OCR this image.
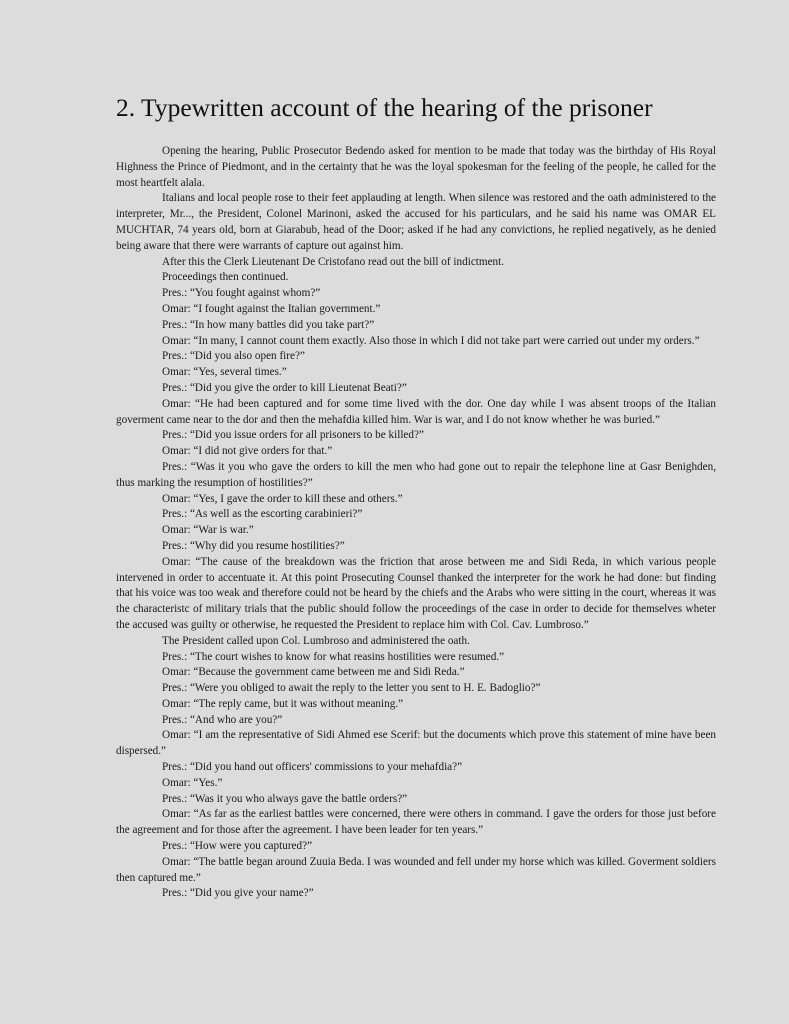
2. Typewritten account of the hearing of the prisoner

Opening the hearing, Public Prosecutor Bedendo asked for mention to be made that today was the birthday of His Royal Highness the Prince of Piedmont, and in the certainty that he was the loyal spokesman for the feeling of the people, he called for the most heartfelt alala.

Italians and local people rose to their feet applauding at length. When silence was restored and the oath administered to the interpreter, Mr..., the President, Colonel Marinoni, asked the accused for his particulars, and he said his name was OMAR EL MUCHTAR, 74 years old, born at Giarabub, head of the Door; asked if he had any convictions, he replied negatively, as he denied being aware that there were warrants of capture out against him.

After this the Clerk Lieutenant De Cristofano read out the bill of indictment.

Proceedings then continued.

Pres.: “You fought against whom?”

Omar: “I fought against the Italian government.”

Pres.: “In how many battles did you take part?”

Omar: “In many, I cannot count them exactly. Also those in which I did not take part were carried out under my orders.”

Pres.: “Did you also open fire?”

Omar: “Yes, several times.”

Pres.: “Did you give the order to kill Lieutenat Beati?”

Omar: “He had been captured and for some time lived with the dor. One day while I was absent troops of the Italian goverment came near to the dor and then the mehafdia killed him. War is war, and I do not know whether he was buried.”

Pres.: “Did you issue orders for all prisoners to be killed?”

Omar: “I did not give orders for that.”

Pres.: “Was it you who gave the orders to kill the men who had gone out to repair the telephone line at Gasr Benighden, thus marking the resumption of hostilities?”

Omar: “Yes, I gave the order to kill these and others.”

Pres.: “As well as the escorting carabinieri?”

Omar: “War is war.”

Pres.: “Why did you resume hostilities?”

Omar: “The cause of the breakdown was the friction that arose between me and Sidi Reda, in which various people intervened in order to accentuate it. At this point Prosecuting Counsel thanked the interpreter for the work he had done: but finding that his voice was too weak and therefore could not be heard by the chiefs and the Arabs who were sitting in the court, whereas it was the characteristc of military trials that the public should follow the proceedings of the case in order to decide for themselves wheter the accused was guilty or otherwise, he requested the President to replace him with Col. Cav. Lumbroso.”

The President called upon Col. Lumbroso and administered the oath.

Pres.: “The court wishes to know for what reasins hostilities were resumed.”

Omar: “Because the government came between me and Sidi Reda.”

Pres.: “Were you obliged to await the reply to the letter you sent to H. E. Badoglio?”

Omar: “The reply came, but it was without meaning.”

Pres.: “And who are you?”

Omar: “I am the representative of Sidi Ahmed ese Scerif: but the documents which prove this statement of mine have been dispersed.”

Pres.: “Did you hand out officers' commissions to your mehafdia?”

Omar: “Yes.”

Pres.: “Was it you who always gave the battle orders?”

Omar: “As far as the earliest battles were concerned, there were others in command. I gave the orders for those just before the agreement and for those after the agreement. I have been leader for ten years.”

Pres.: “How were you captured?”

Omar: “The battle began around Zuuia Beda. I was wounded and fell under my horse which was killed. Goverment soldiers then captured me.”

Pres.: “Did you give your name?”
